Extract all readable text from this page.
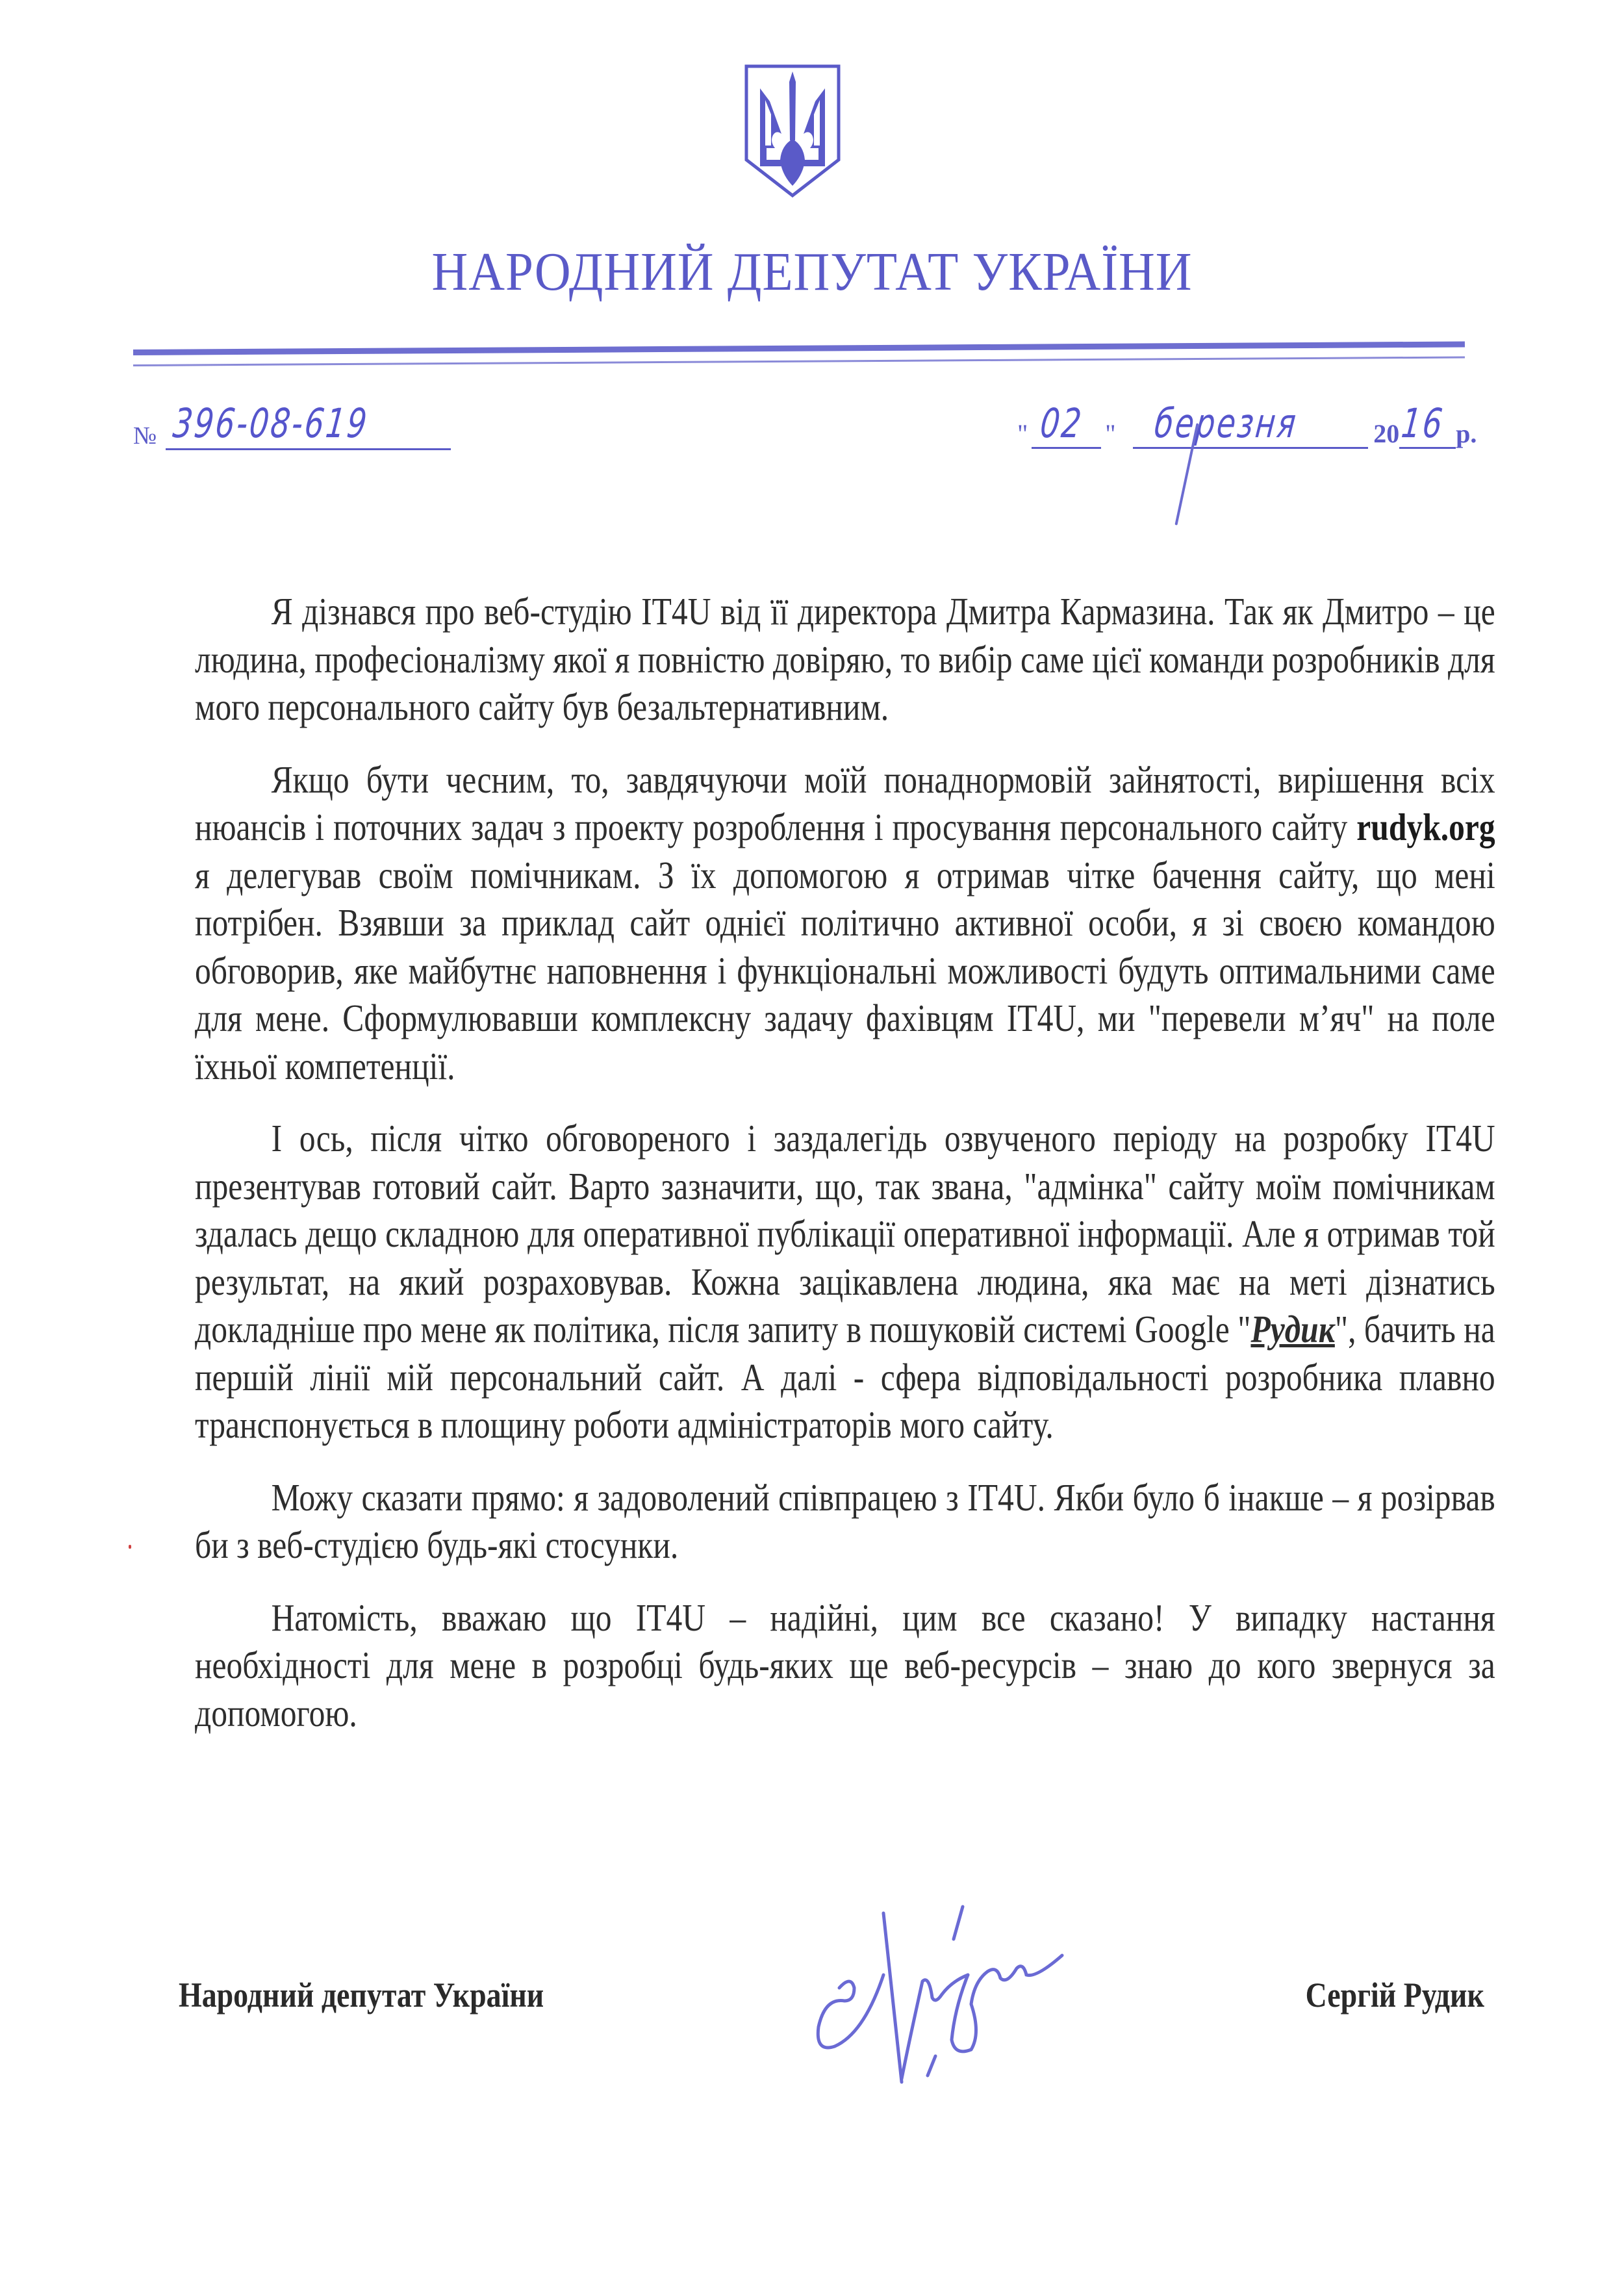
НАРОДНИЙ ДЕПУТАТ УКРАЇНИ
№ 396-08-619	" 02 " березня	20 16 р.

Я дізнався про веб-студію IT4U від її директора Дмитра Кармазина. Так як Дмитро – це людина, професіоналізму якої я повністю довіряю, то вибір саме цієї команди розробників для мого персонального сайту був безальтернативним.

Якщо бути чесним, то, завдячуючи моїй понаднормовій зайнятості, вирішення всіх нюансів і поточних задач з проекту розроблення і просування персонального сайту rudyk.org я делегував своїм помічникам. З їх допомогою я отримав чітке бачення сайту, що мені потрібен. Взявши за приклад сайт однієї політично активної особи, я зі своєю командою обговорив, яке майбутнє наповнення і функціональні можливості будуть оптимальними саме для мене. Сформулювавши комплексну задачу фахівцям IT4U, ми "перевели м’яч" на поле їхньої компетенції.

І ось, після чітко обговореного і заздалегідь озвученого періоду на розробку IT4U презентував готовий сайт. Варто зазначити, що, так звана, "адмінка" сайту моїм помічникам здалась дещо складною для оперативної публікації оперативної інформації. Але я отримав той результат, на який розраховував. Кожна зацікавлена людина, яка має на меті дізнатись докладніше про мене як політика, після запиту в пошуковій системі Google "Рудик", бачить на першій лінії мій персональний сайт. А далі - сфера відповідальності розробника плавно транспонується в площину роботи адміністраторів мого сайту.

Можу сказати прямо: я задоволений співпрацею з IT4U. Якби було б інакше – я розірвав би з веб-студією будь-які стосунки.

Натомість, вважаю що IT4U – надійні, цим все сказано! У випадку настання необхідності для мене в розробці будь-яких ще веб-ресурсів – знаю до кого звернуся за допомогою.

Народний депутат України	Сергій Рудик
